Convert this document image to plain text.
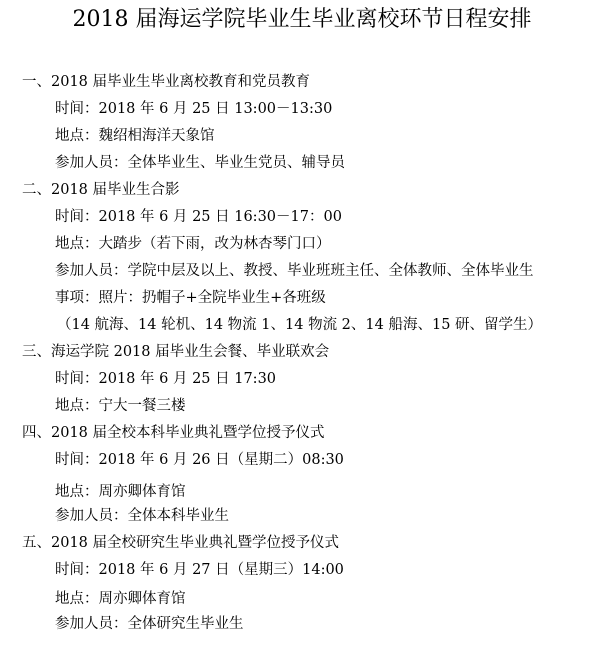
2018 届海运学院毕业生毕业离校环节日程安排
一、2018 届毕业生毕业离校教育和党员教育
时间：2018 年 6 月 25 日 13:00－13:30
地点：魏绍相海洋天象馆
参加人员：全体毕业生、毕业生党员、辅导员
二、2018 届毕业生合影
时间：2018 年 6 月 25 日 16:30－17：00
地点：大踏步（若下雨，改为林杏琴门口）
参加人员：学院中层及以上、教授、毕业班班主任、全体教师、全体毕业生
事项：照片：扔帽子+全院毕业生+各班级
（14 航海、14 轮机、14 物流 1、14 物流 2、14 船海、15 研、留学生）
三、海运学院 2018 届毕业生会餐、毕业联欢会
时间：2018 年 6 月 25 日 17:30
地点：宁大一餐三楼
四、2018 届全校本科毕业典礼暨学位授予仪式
时间：2018 年 6 月 26 日（星期二）08:30
地点：周亦卿体育馆
参加人员：全体本科毕业生
五、2018 届全校研究生毕业典礼暨学位授予仪式
时间：2018 年 6 月 27 日（星期三）14:00
地点：周亦卿体育馆
参加人员：全体研究生毕业生
